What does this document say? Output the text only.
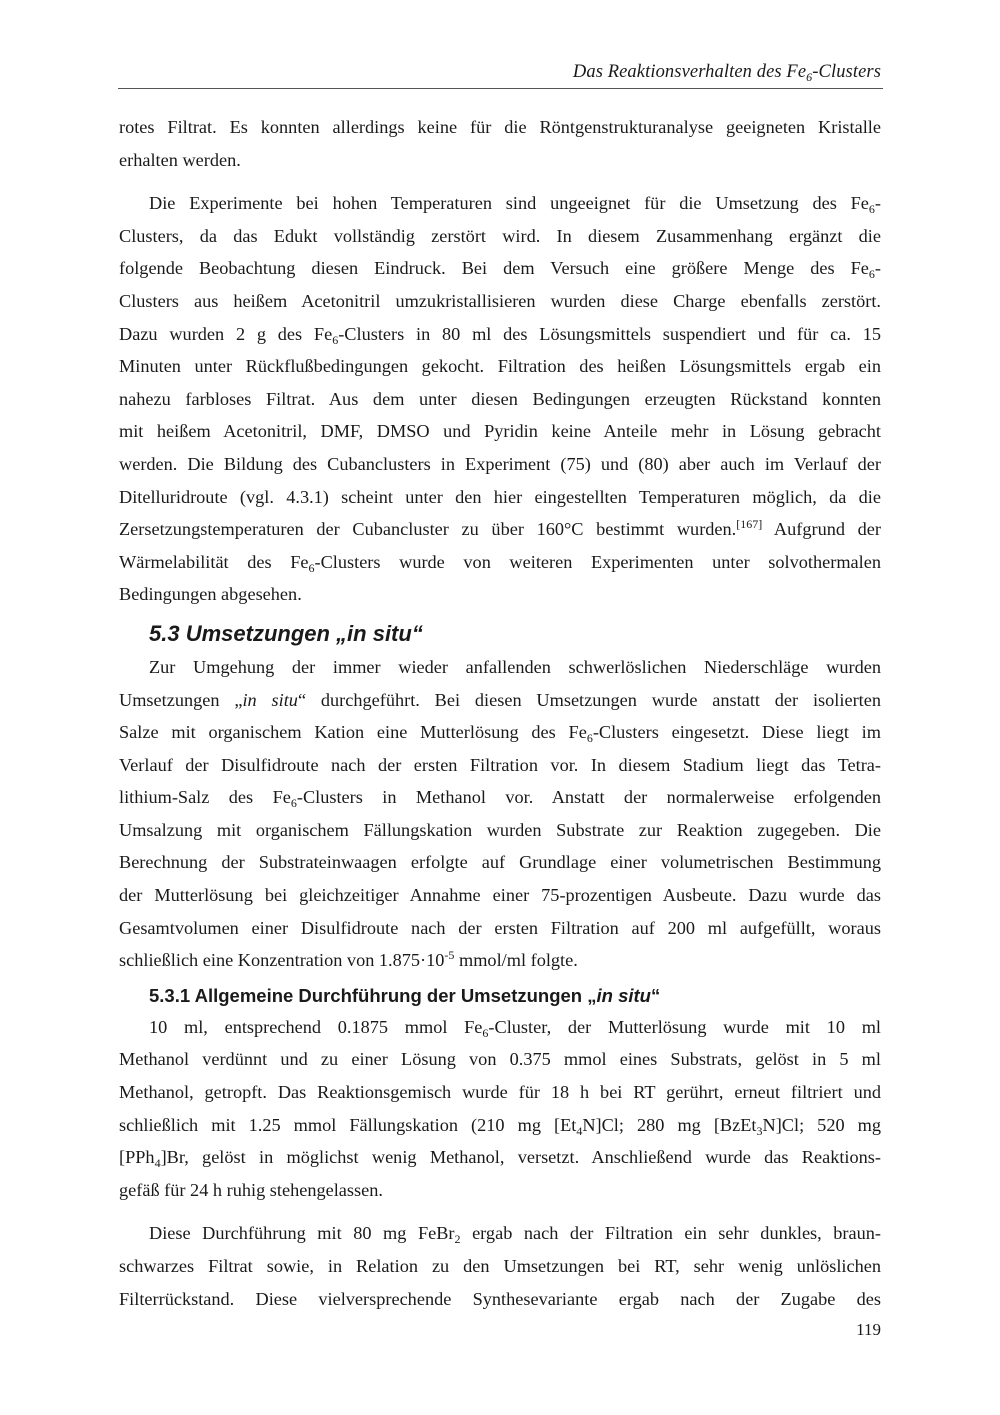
Das Reaktionsverhalten des $Fe_6$-Clusters

rotes Filtrat. Es konnten allerdings keine für die Röntgenstrukturanalyse geeigneten Kristalle
erhalten werden.

Die Experimente bei hohen Temperaturen sind ungeeignet für die Umsetzung des $Fe_6-$
Clusters, da das Edukt vollständig zerstört wird. In diesem Zusammenhang ergänzt die
folgende Beobachtung diesen Eindruck. Bei dem Versuch eine größere Menge des $Fe_6-$
Clusters aus heißem Acetonitril umzukristallisieren wurden diese Charge ebenfalls zerstört.
Dazu wurden 2 g des $Fe_6$-Clusters in 80 ml des Lösungsmittels suspendiert und für ca. 15
Minuten unter Rückflußbedingungen gekocht. Filtration des heißen Lösungsmittels ergab ein
nahezu farbloses Filtrat. Aus dem unter diesen Bedingungen erzeugten Rückstand konnten
mit heißem Acetonitril, DMF, DMSO und Pyridin keine Anteile mehr in Lösung gebracht
werden. Die Bildung des Cubanclusters in Experiment (75) und (80) aber auch im Verlauf der
Ditelluridroute (vgl. 4.3.1) scheint unter den hier eingestellten Temperaturen möglich, da die
Zersetzungstemperaturen der Cubancluster zu über 160°C bestimmt wurden.[167] Aufgrund der
Wärmelabilität des $Fe_6$-Clusters wurde von weiteren Experimenten unter solvothermalen
Bedingungen abgesehen.

5.3 Umsetzungen „in situ“

Zur Umgehung der immer wieder anfallenden schwerlöslichen Niederschläge wurden
Umsetzungen „in situ“ durchgeführt. Bei diesen Umsetzungen wurde anstatt der isolierten
Salze mit organischem Kation eine Mutterlösung des $Fe_6$-Clusters eingesetzt. Diese liegt im
Verlauf der Disulfidroute nach der ersten Filtration vor. In diesem Stadium liegt das Tetra-
lithium-Salz des $Fe_6$-Clusters in Methanol vor. Anstatt der normalerweise erfolgenden
Umsalzung mit organischem Fällungskation wurden Substrate zur Reaktion zugegeben. Die
Berechnung der Substrateinwaagen erfolgte auf Grundlage einer volumetrischen Bestimmung
der Mutterlösung bei gleichzeitiger Annahme einer 75-prozentigen Ausbeute. Dazu wurde das
Gesamtvolumen einer Disulfidroute nach der ersten Filtration auf 200 ml aufgefüllt, woraus
schließlich eine Konzentration von $1.875\cdot 10^{-5}$ mmol/ml folgte.

5.3.1 Allgemeine Durchführung der Umsetzungen „in situ“

10 ml, entsprechend 0.1875 mmol $Fe_6$-Cluster, der Mutterlösung wurde mit 10 ml
Methanol verdünnt und zu einer Lösung von 0.375 mmol eines Substrats, gelöst in 5 ml
Methanol, getropft. Das Reaktionsgemisch wurde für 18 h bei RT gerührt, erneut filtriert und
schließlich mit 1.25 mmol Fällungskation (210 mg $[Et_4N]Cl$; 280 mg [BzEt$_3$N]Cl; 520 mg
[PPh$_4$]Br, gelöst in möglichst wenig Methanol, versetzt. Anschließend wurde das Reaktions-
gefäß für 24 h ruhig stehengelassen.

Diese Durchführung mit 80 mg FeBr$_2$ ergab nach der Filtration ein sehr dunkles, braun-
schwarzes Filtrat sowie, in Relation zu den Umsetzungen bei RT, sehr wenig unlöslichen
Filterrückstand. Diese vielversprechende Synthesevariante ergab nach der Zugabe des

119
